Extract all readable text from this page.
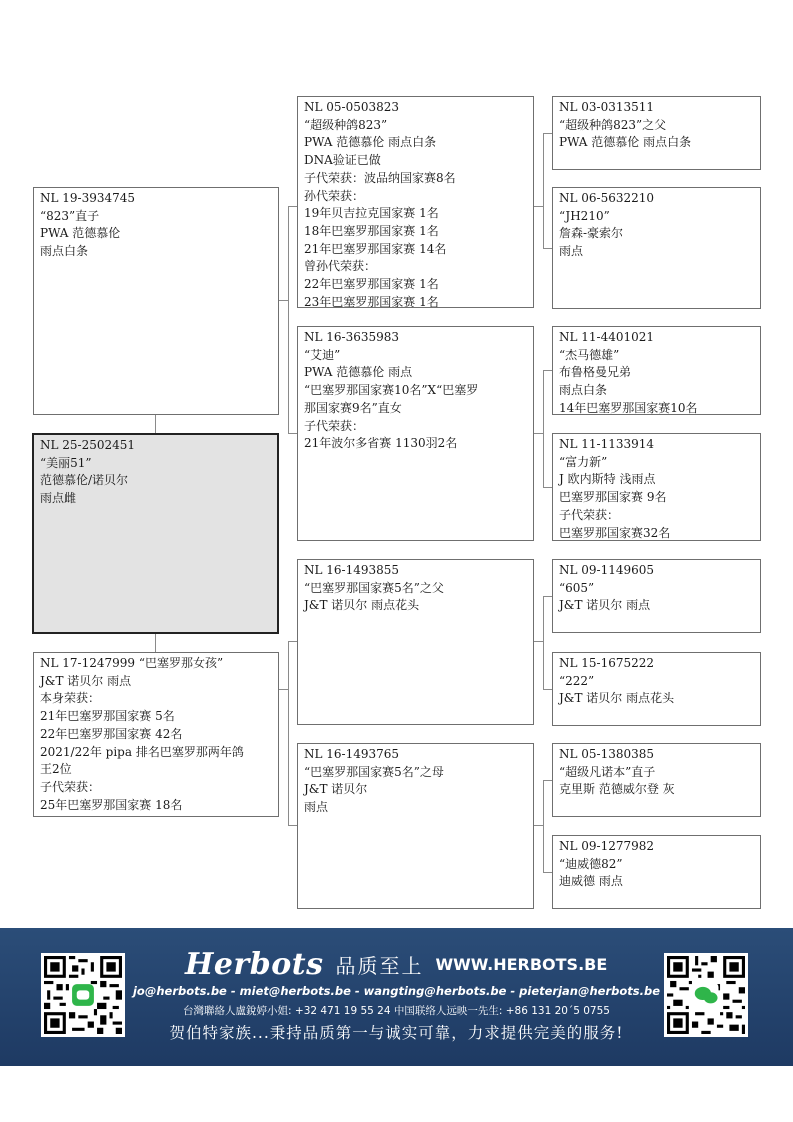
NL 19-3934745
“823”直子
PWA 范德慕伦
雨点白条
NL 25-2502451
“美丽51”
范德慕伦/诺贝尔
雨点雌
NL 17-1247999 “巴塞罗那女孩”
J&T 诺贝尔 雨点
本身荣获：
21年巴塞罗那国家赛 5名
22年巴塞罗那国家赛 42名
2021/22年 pipa 排名巴塞罗那两年鸽
王2位
子代荣获：
25年巴塞罗那国家赛 18名
NL 05-0503823
“超级种鸽823”
PWA 范德慕伦 雨点白条
DNA验证已做
子代荣获：波品纳国家赛8名
孙代荣获：
19年贝吉拉克国家赛 1名
18年巴塞罗那国家赛 1名
21年巴塞罗那国家赛 14名
曾孙代荣获：
22年巴塞罗那国家赛 1名
23年巴塞罗那国家赛 1名
NL 16-3635983
“艾迪”
PWA 范德慕伦 雨点
“巴塞罗那国家赛10名”X“巴塞罗
那国家赛9名”直女
子代荣获：
21年波尔多省赛 1130羽2名
NL 16-1493855
“巴塞罗那国家赛5名”之父
J&T 诺贝尔 雨点花头
NL 16-1493765
“巴塞罗那国家赛5名”之母
J&T 诺贝尔
雨点
NL 03-0313511
“超级种鸽823”之父
PWA 范德慕伦 雨点白条
NL 06-5632210
“JH210”
詹森-豪索尔
雨点
NL 11-4401021
“杰马德雄”
布鲁格曼兄弟
雨点白条
14年巴塞罗那国家赛10名
NL 11-1133914
“富力新”
J 欧内斯特 浅雨点
巴塞罗那国家赛 9名
子代荣获：
巴塞罗那国家赛32名
NL 09-1149605
“605”
J&T 诺贝尔 雨点
NL 15-1675222
“222”
J&T 诺贝尔 雨点花头
NL 05-1380385
“超级凡诺本”直子
克里斯 范德威尔登 灰
NL 09-1277982
“迪威德82”
迪威德 雨点
Herbots 品质至上 WWW.HERBOTS.BE
jo@herbots.be - miet@herbots.be - wangting@herbots.be - pieterjan@herbots.be
台灣聯絡人盧銳婷小姐: +32 471 19 55 24 中国联络人远映一先生: +86 131 20´5 0755
贺伯特家族...秉持品质第一与诚实可靠，力求提供完美的服务!
